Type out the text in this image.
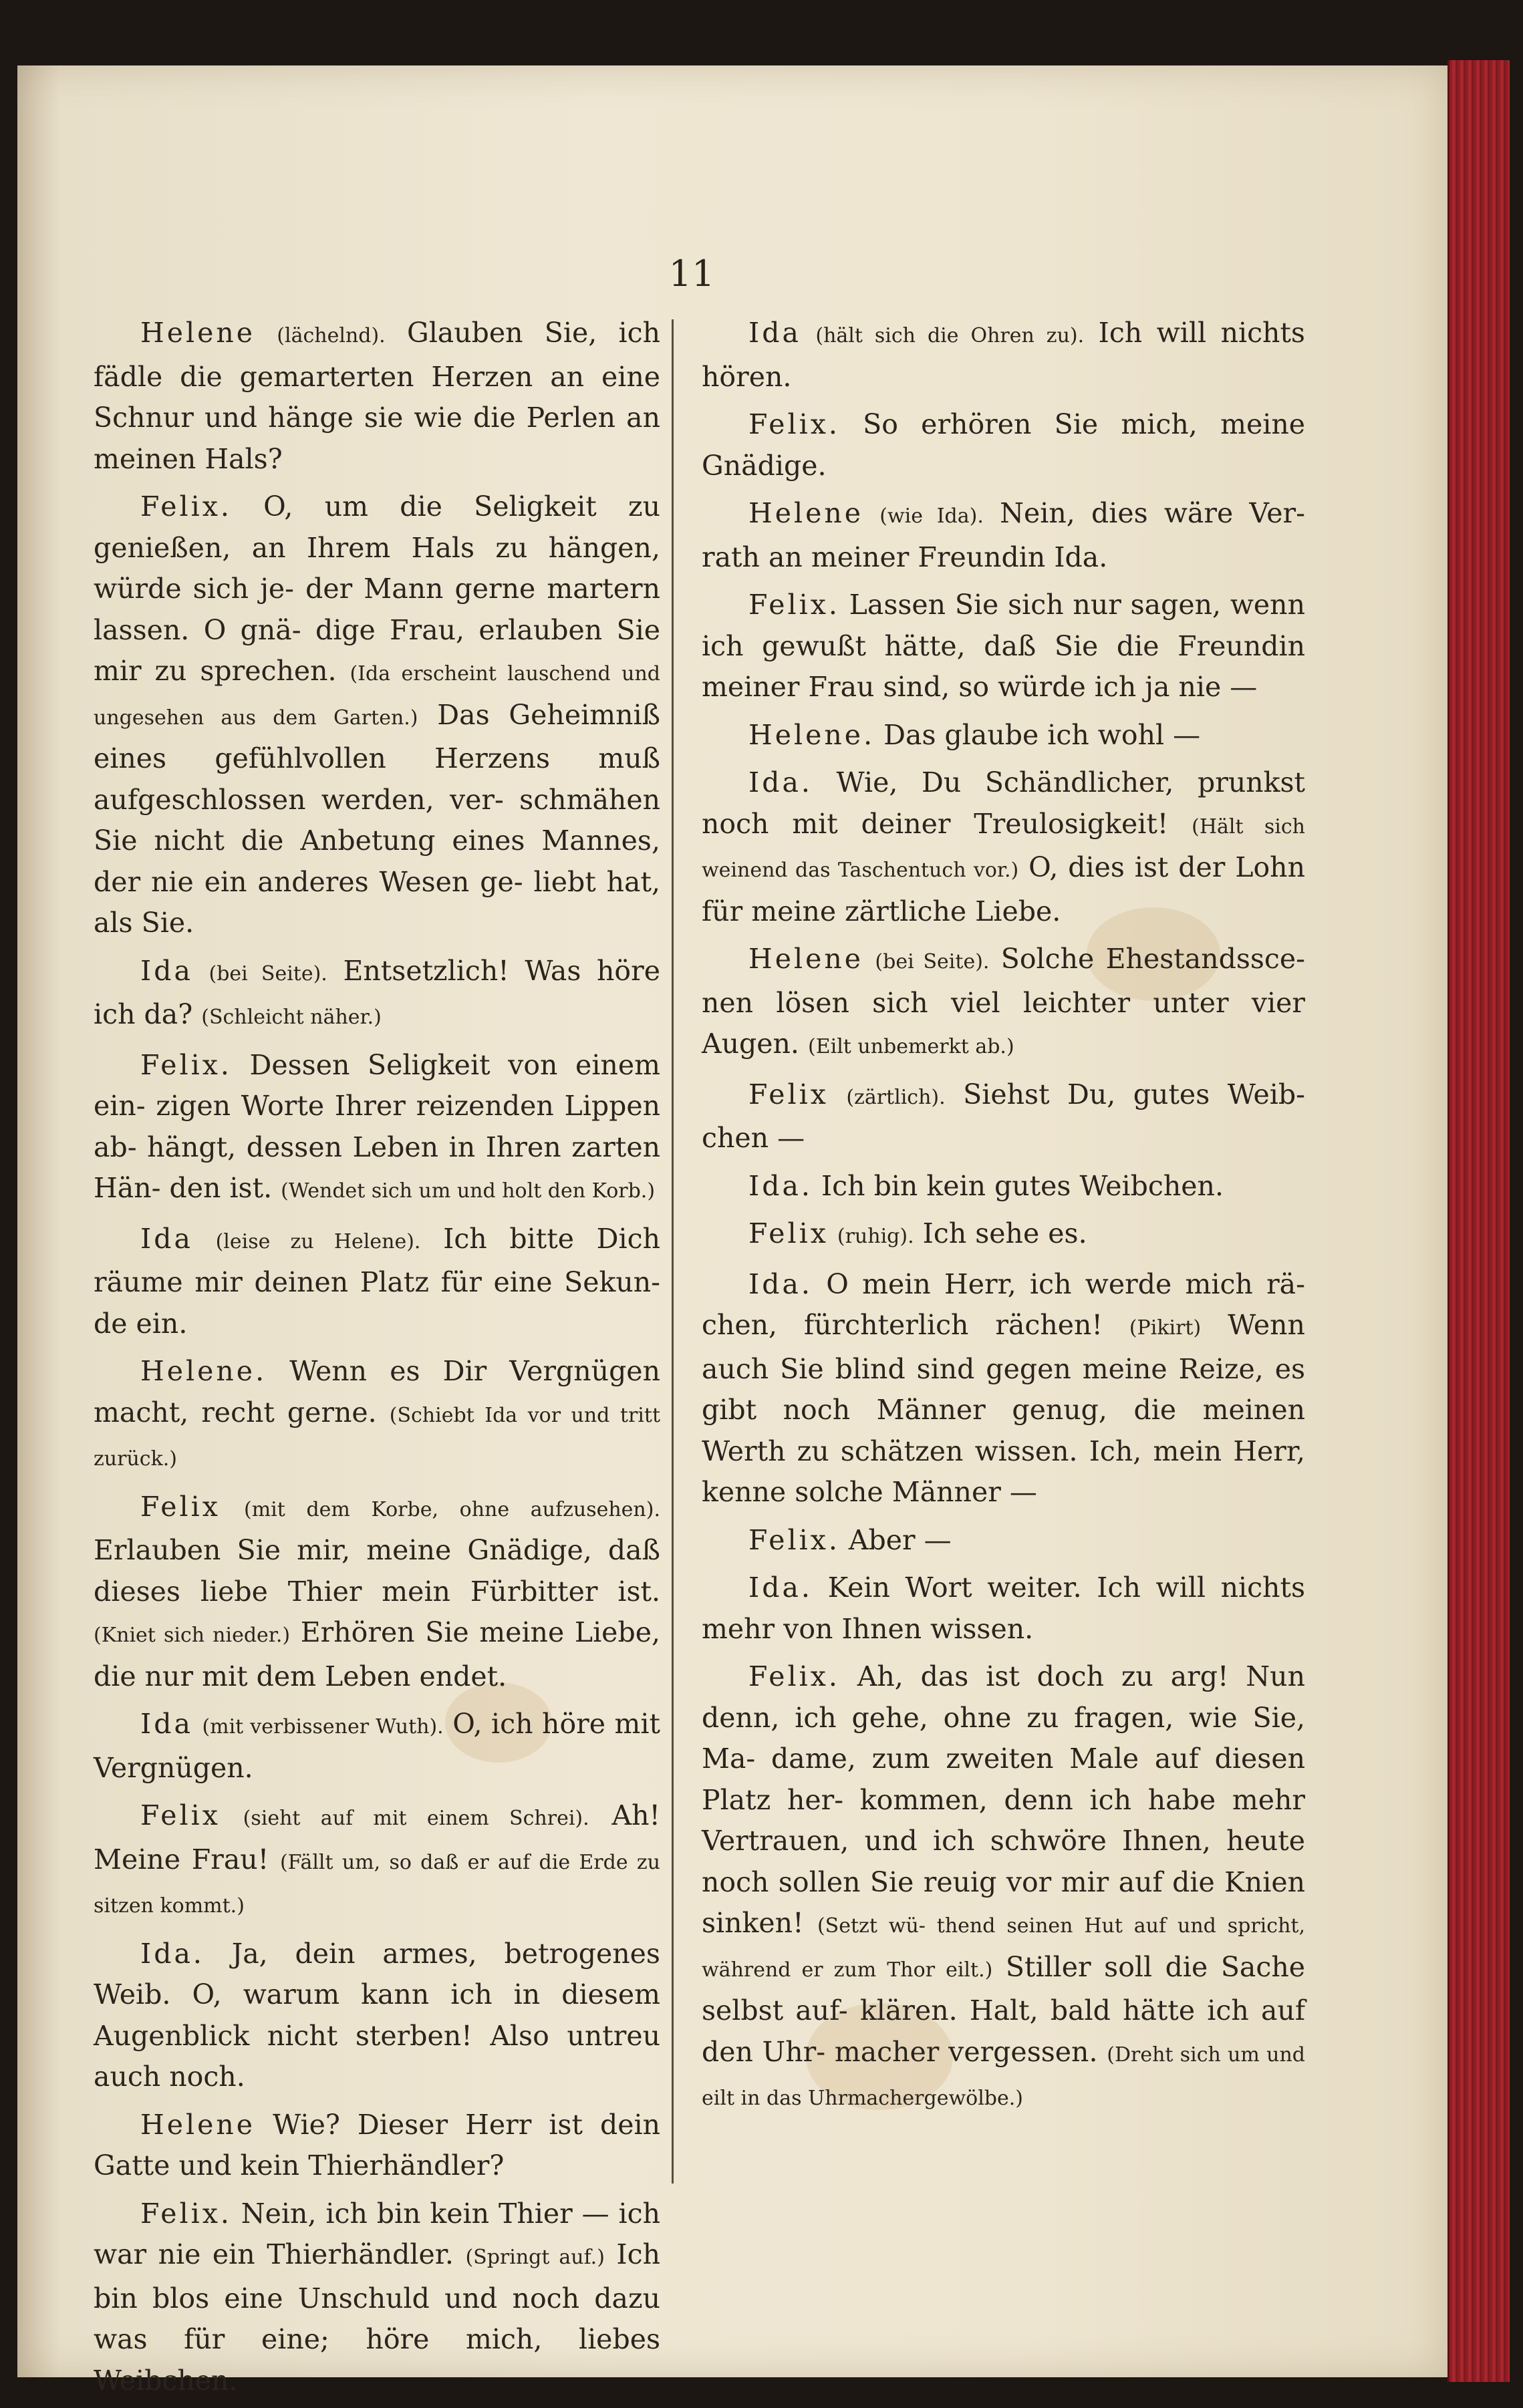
11

Helene (lächelnd). Glauben Sie, ich fädle die gemarterten Herzen an eine Schnur und hänge sie wie die Perlen an meinen Hals?

Felix. O, um die Seligkeit zu genießen, an Ihrem Hals zu hängen, würde sich je- der Mann gerne martern lassen. O gnä- dige Frau, erlauben Sie mir zu sprechen. (Ida erscheint lauschend und ungesehen aus dem Garten.) Das Geheimniß eines gefühlvollen Herzens muß aufgeschlossen werden, ver- schmähen Sie nicht die Anbetung eines Mannes, der nie ein anderes Wesen ge- liebt hat, als Sie.

Ida (bei Seite). Entsetzlich! Was höre ich da? (Schleicht näher.)

Felix. Dessen Seligkeit von einem ein- zigen Worte Ihrer reizenden Lippen ab- hängt, dessen Leben in Ihren zarten Hän- den ist. (Wendet sich um und holt den Korb.)

Ida (leise zu Helene). Ich bitte Dich räume mir deinen Platz für eine Sekun- de ein.

Helene. Wenn es Dir Vergnügen macht, recht gerne. (Schiebt Ida vor und tritt zurück.)

Felix (mit dem Korbe, ohne aufzusehen). Erlauben Sie mir, meine Gnädige, daß dieses liebe Thier mein Fürbitter ist. (Kniet sich nieder.) Erhören Sie meine Liebe, die nur mit dem Leben endet.

Ida (mit verbissener Wuth). O, ich höre mit Vergnügen.

Felix (sieht auf mit einem Schrei). Ah! Meine Frau! (Fällt um, so daß er auf die Erde zu sitzen kommt.)

Ida. Ja, dein armes, betrogenes Weib. O, warum kann ich in diesem Augenblick nicht sterben! Also untreu auch noch.

Helene Wie? Dieser Herr ist dein Gatte und kein Thierhändler?

Felix. Nein, ich bin kein Thier — ich war nie ein Thierhändler. (Springt auf.) Ich bin blos eine Unschuld und noch dazu was für eine; höre mich, liebes Weibchen.

Ida (hält sich die Ohren zu). Ich will nichts hören.

Felix. So erhören Sie mich, meine Gnädige.

Helene (wie Ida). Nein, dies wäre Ver- rath an meiner Freundin Ida.

Felix. Lassen Sie sich nur sagen, wenn ich gewußt hätte, daß Sie die Freundin meiner Frau sind, so würde ich ja nie —

Helene. Das glaube ich wohl —

Ida. Wie, Du Schändlicher, prunkst noch mit deiner Treulosigkeit! (Hält sich weinend das Taschentuch vor.) O, dies ist der Lohn für meine zärtliche Liebe.

Helene (bei Seite). Solche Ehestandsscе- nen lösen sich viel leichter unter vier Augen. (Eilt unbemerkt ab.)

Felix (zärtlich). Siehst Du, gutes Weib- chen —

Ida. Ich bin kein gutes Weibchen.

Felix (ruhig). Ich sehe es.

Ida. O mein Herr, ich werde mich rä- chen, fürchterlich rächen! (Pikirt) Wenn auch Sie blind sind gegen meine Reize, es gibt noch Männer genug, die meinen Werth zu schätzen wissen. Ich, mein Herr, kenne solche Männer —

Felix. Aber —

Ida. Kein Wort weiter. Ich will nichts mehr von Ihnen wissen.

Felix. Ah, das ist doch zu arg! Nun denn, ich gehe, ohne zu fragen, wie Sie, Ma- dame, zum zweiten Male auf diesen Platz her- kommen, denn ich habe mehr Vertrauen, und ich schwöre Ihnen, heute noch sollen Sie reuig vor mir auf die Knien sinken! (Setzt wü- thend seinen Hut auf und spricht, während er zum Thor eilt.) Stiller soll die Sache selbst auf- klären. Halt, bald hätte ich auf den Uhr- macher vergessen. (Dreht sich um und eilt in das Uhrmachergewölbe.)
